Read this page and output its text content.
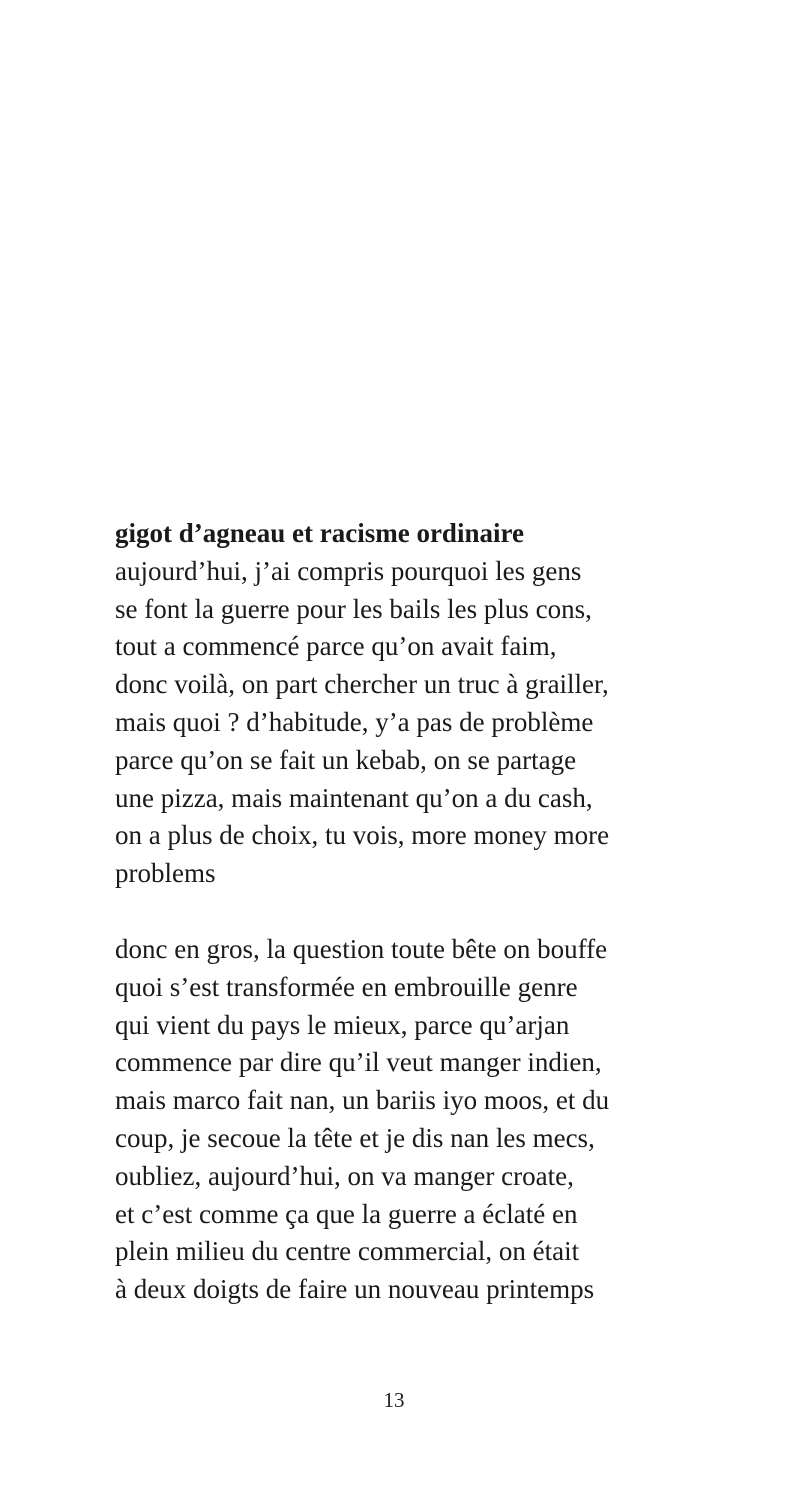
gigot d’agneau et racisme ordinaire
aujourd’hui, j’ai compris pourquoi les gens
se font la guerre pour les bails les plus cons,
tout a commencé parce qu’on avait faim,
donc voilà, on part chercher un truc à grailler,
mais quoi ? d’habitude, y’a pas de problème
parce qu’on se fait un kebab, on se partage
une pizza, mais maintenant qu’on a du cash,
on a plus de choix, tu vois, more money more
problems
donc en gros, la question toute bête on bouffe
quoi s’est transformée en embrouille genre
qui vient du pays le mieux, parce qu’arjan
commence par dire qu’il veut manger indien,
mais marco fait nan, un bariis iyo moos, et du
coup, je secoue la tête et je dis nan les mecs,
oubliez, aujourd’hui, on va manger croate,
et c’est comme ça que la guerre a éclaté en
plein milieu du centre commercial, on était
à deux doigts de faire un nouveau printemps
13
